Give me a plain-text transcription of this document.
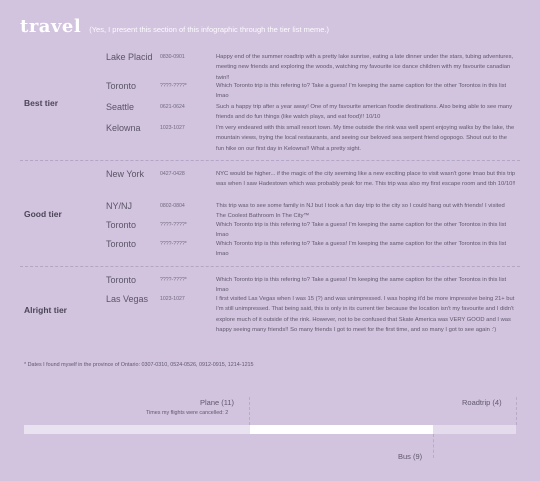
travel (Yes, I present this section of this infographic through the tier list meme.)
Best tier
Lake Placid 0830-0901	Happy end of the summer roadtrip with a pretty lake sunrise, eating a late dinner under the stars, tubing adventures, meeting new friends and exploring the woods, watching my favourite ice dance children with my favourite canadian twin!!
Toronto	????-????*	Which Toronto trip is this refering to? Take a guess! I'm keeping the same caption for the other Torontos in this list lmao
Seattle	0621-0624	Such a happy trip after a year away! One of my favourite american foodie destinations. Also being able to see many friends and do fun things (like watch plays, and eat food)!! 10/10
Kelowna	1023-1027	I'm very endeared with this small resort town. My time outside the rink was well spent enjoying walks by the lake, the mountain views, trying the local restaurants, and seeing our beloved sea serpent friend ogopogo. Shout out to the fun hike on our first day in Kelowna!! What a pretty sight.
Good tier
New York	0427-0428	NYC would be higher... if the magic of the city seeming like a new exciting place to visit wasn't gone lmao but this trip was when I saw Hadestown which was probably peak for me. This trip was also my first escape room and tbh 10/10!!
NY/NJ	0802-0804	This trip was to see some family in NJ but I took a fun day trip to the city so I could hang out with friends! I visited The Coolest Bathroom In The City™
Toronto	????-????*	Which Toronto trip is this refering to? Take a guess! I'm keeping the same caption for the other Torontos in this list lmao
Toronto	????-????*	Which Toronto trip is this refering to? Take a guess! I'm keeping the same caption for the other Torontos in this list lmao
Alright tier
Toronto	????-????*	Which Toronto trip is this refering to? Take a guess! I'm keeping the same caption for the other Torontos in this list lmao
Las Vegas 1023-1027	I first visited Las Vegas when I was 15 (?) and was unimpressed. I was hoping it'd be more impressive being 21+ but I'm still unimpressed. That being said, this is only in its current tier because the location isn't my favourite and I didn't explore much of it outside of the rink. However, not to be confused that Skate America was VERY GOOD and I was happy seeing many friends!! So many friends I got to meet for the first time, and so many I got to see again :')
* Dates I found myself in the province of Ontario: 0307-0310, 0524-0526, 0912-0915, 1214-1215
Plane (11)
Times my flights were cancelled: 2
Roadtrip (4)
Bus (9)
